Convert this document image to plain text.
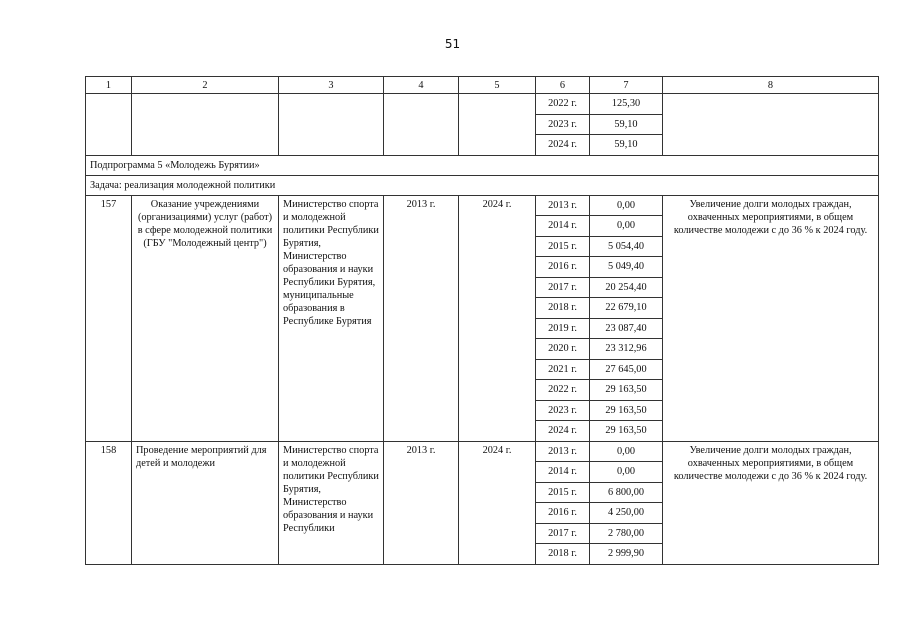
51
1	2	3	4	5	6	7	8
					2022 г.	125,30	
					2023 г.	59,10	
					2024 г.	59,10	
Подпрограмма 5 «Молодежь Бурятии»							
Задача: реализация молодежной политики							
157	Оказание учреждениями (организациями) услуг (работ) в сфере молодежной политики (ГБУ "Молодежный центр")	Министерство спорта и молодежной политики Республики Бурятия, Министерство образования и науки Республики Бурятия, муниципальные образования в Республике Бурятия	2013 г.	2024 г.	2013 г.	0,00	Увеличение долги молодых граждан, охваченных мероприятиями, в общем количестве молодежи с до 36 % к 2024 году.
					2014 г.	0,00	
					2015 г.	5 054,40	
					2016 г.	5 049,40	
					2017 г.	20 254,40	
					2018 г.	22 679,10	
					2019 г.	23 087,40	
					2020 г.	23 312,96	
					2021 г.	27 645,00	
					2022 г.	29 163,50	
					2023 г.	29 163,50	
					2024 г.	29 163,50	
158	Проведение мероприятий для детей и молодежи	Министерство спорта и молодежной политики Республики Бурятия, Министерство образования и науки Республики	2013 г.	2024 г.	2013 г.	0,00	Увеличение долги молодых граждан, охваченных мероприятиями, в общем количестве молодежи с до 36 % к 2024 году.
					2014 г.	0,00	
					2015 г.	6 800,00	
					2016 г.	4 250,00	
					2017 г.	2 780,00	
					2018 г.	2 999,90	
